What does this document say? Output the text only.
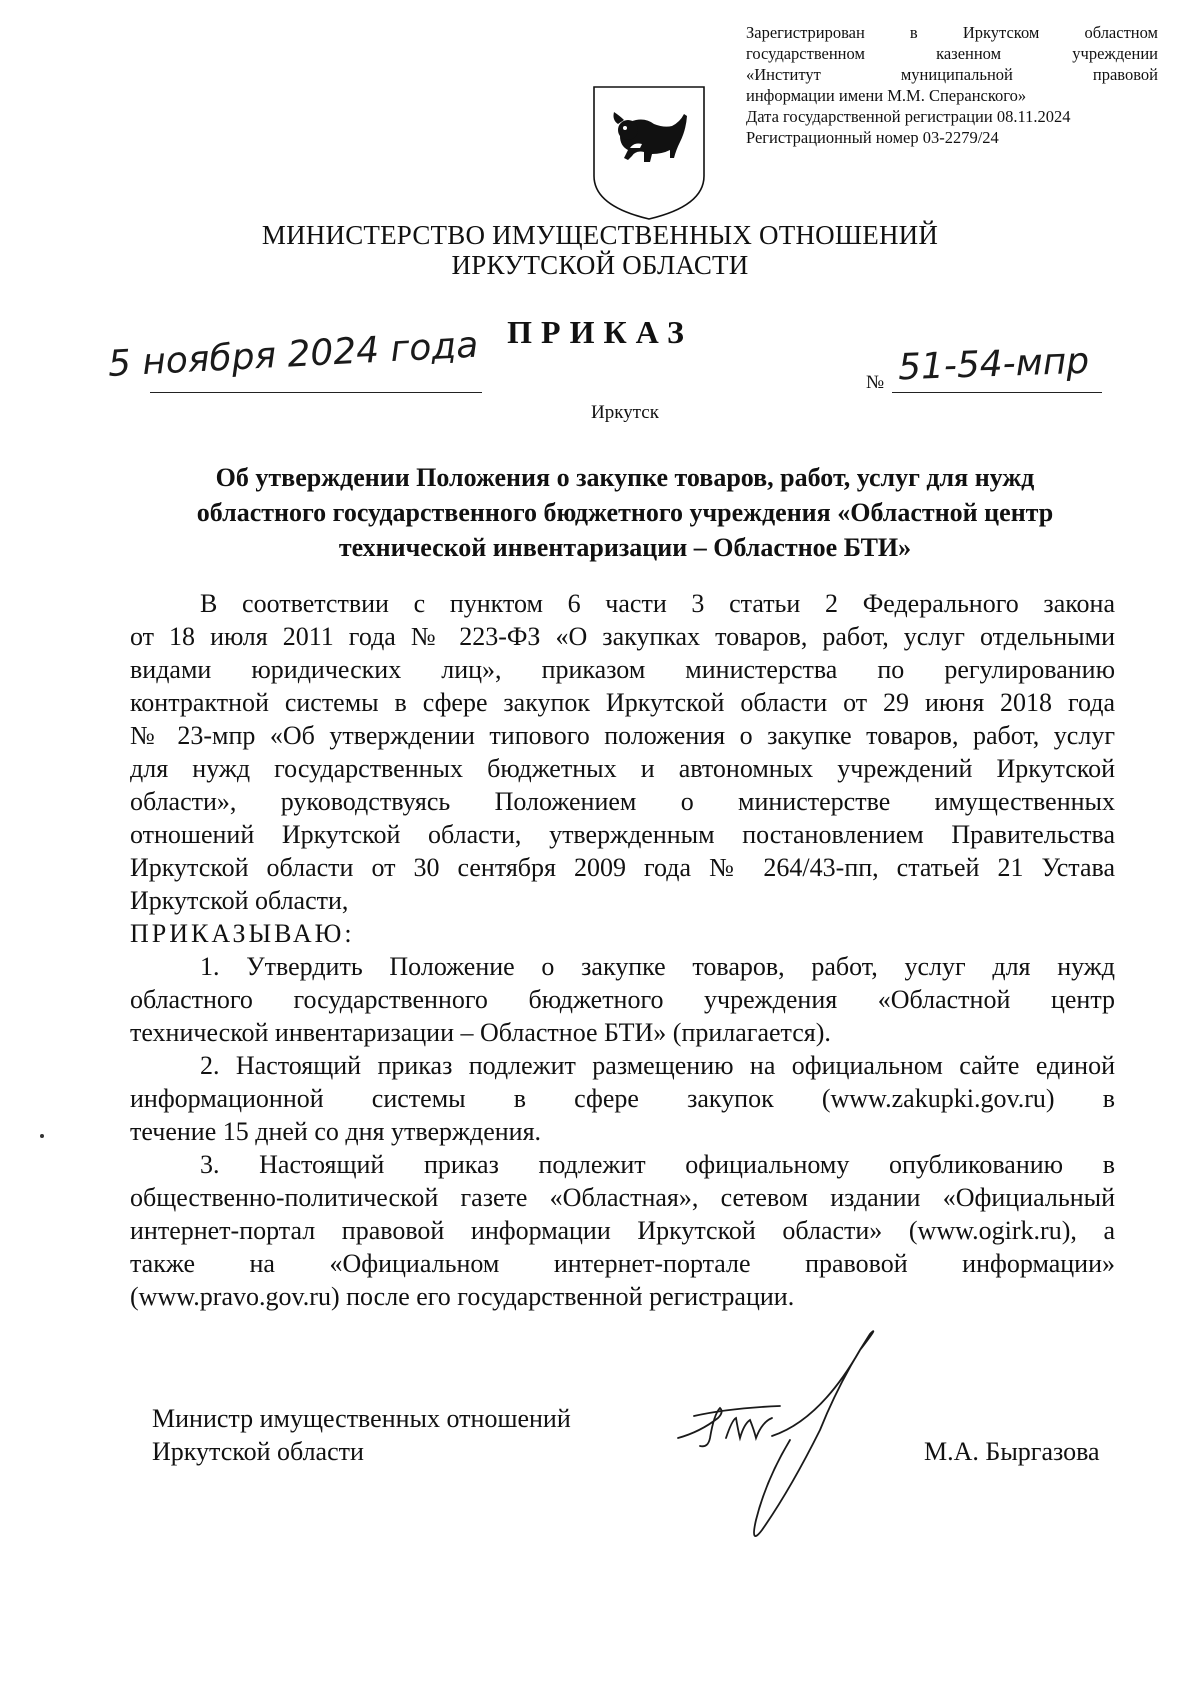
Зарегистрирован в Иркутском областном
государственном казенном учреждении
«Институт муниципальной правовой
информации имени М.М. Сперанского»
Дата государственной регистрации 08.11.2024
Регистрационный номер 03-2279/24
МИНИСТЕРСТВО ИМУЩЕСТВЕННЫХ ОТНОШЕНИЙ
ИРКУТСКОЙ ОБЛАСТИ
ПРИКАЗ
5 ноября 2024 года	№ 51-54-мпр
Иркутск
Об утверждении Положения о закупке товаров, работ, услуг для нужд
областного государственного бюджетного учреждения «Областной центр
технической инвентаризации – Областное БТИ»

В соответствии с пунктом 6 части 3 статьи 2 Федерального закона

от 18 июля 2011 года № 223-ФЗ «О закупках товаров, работ, услуг отдельными

видами юридических лиц», приказом министерства по регулированию

контрактной системы в сфере закупок Иркутской области от 29 июня 2018 года

№ 23-мпр «Об утверждении типового положения о закупке товаров, работ, услуг

для нужд государственных бюджетных и автономных учреждений Иркутской

области», руководствуясь Положением о министерстве имущественных

отношений Иркутской области, утвержденным постановлением Правительства

Иркутской области от 30 сентября 2009 года № 264/43-пп, статьей 21 Устава

Иркутской области,

ПРИКАЗЫВАЮ:

1. Утвердить Положение о закупке товаров, работ, услуг для нужд

областного государственного бюджетного учреждения «Областной центр

технической инвентаризации – Областное БТИ» (прилагается).

2. Настоящий приказ подлежит размещению на официальном сайте единой

информационной системы в сфере закупок (www.zakupki.gov.ru) в

течение 15 дней со дня утверждения.

3. Настоящий приказ подлежит официальному опубликованию в

общественно-политической газете «Областная», сетевом издании «Официальный

интернет-портал правовой информации Иркутской области» (www.ogirk.ru), а

также на «Официальном интернет-портале правовой информации»

(www.pravo.gov.ru) после его государственной регистрации.

Министр имущественных отношений
Иркутской области	М.А. Быргазова
